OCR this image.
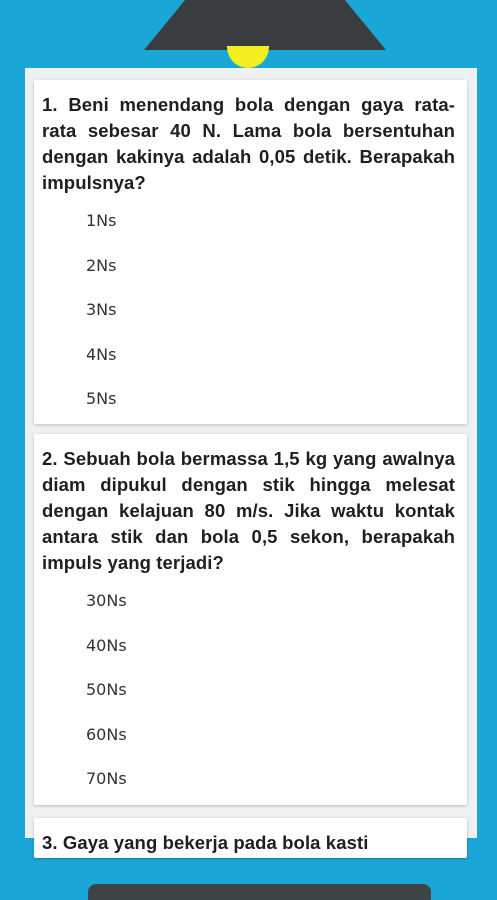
1. Beni menendang bola dengan gaya rata-rata sebesar 40 N. Lama bola bersentuhan dengan kakinya adalah 0,05 detik. Berapakah impulsnya?

1Ns
2Ns
3Ns
4Ns
5Ns

2. Sebuah bola bermassa 1,5 kg yang awalnya diam dipukul dengan stik hingga melesat dengan kelajuan 80 m/s. Jika waktu kontak antara stik dan bola 0,5 sekon, berapakah impuls yang terjadi?

30Ns
40Ns
50Ns
60Ns
70Ns

3. Gaya yang bekerja pada bola kasti
